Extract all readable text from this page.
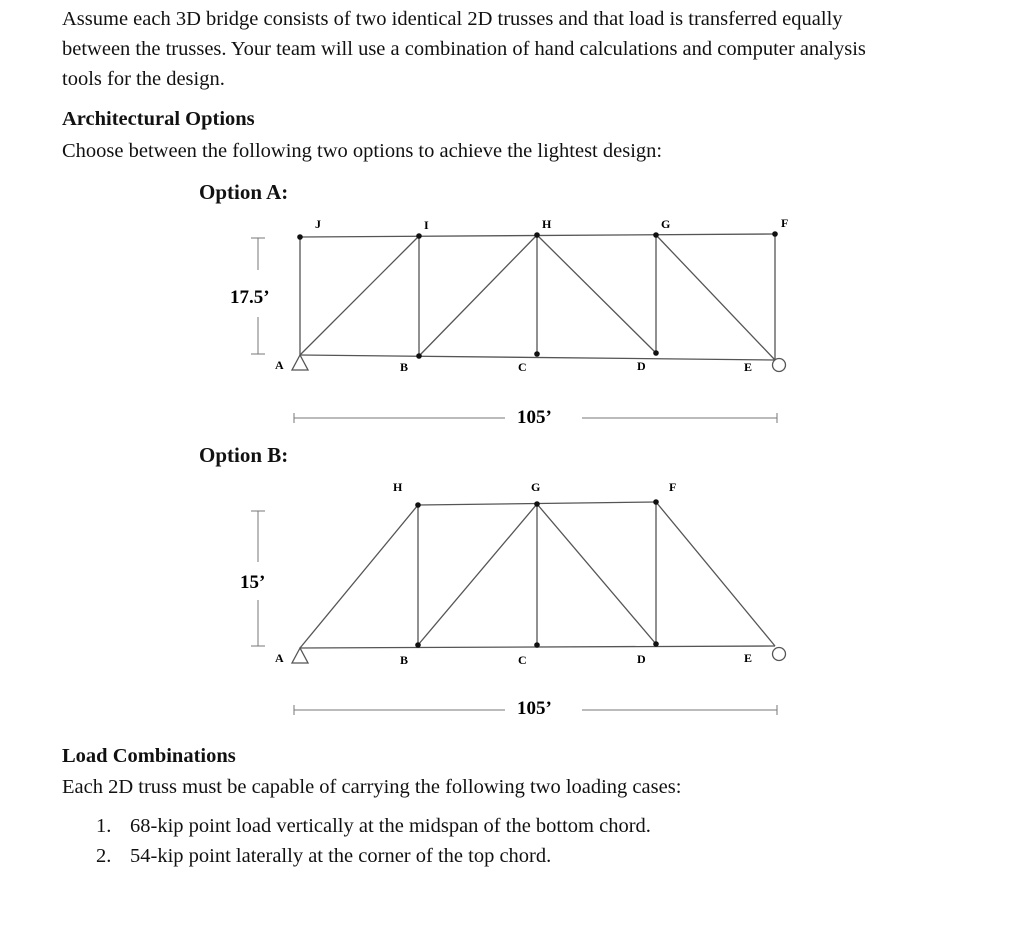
Assume each 3D bridge consists of two identical 2D trusses and that load is transferred equally
between the trusses. Your team will use a combination of hand calculations and computer analysis
tools for the design.
Architectural Options
Choose between the following two options to achieve the lightest design:
Option A:
Option B:
J	I	H	G	F
A	B	C	D	E
17.5’
105’
H	G	F
A	B	C	D	E
15’
105’
Load Combinations
Each 2D truss must be capable of carrying the following two loading cases:
1. 68-kip point load vertically at the midspan of the bottom chord.
2. 54-kip point laterally at the corner of the top chord.
